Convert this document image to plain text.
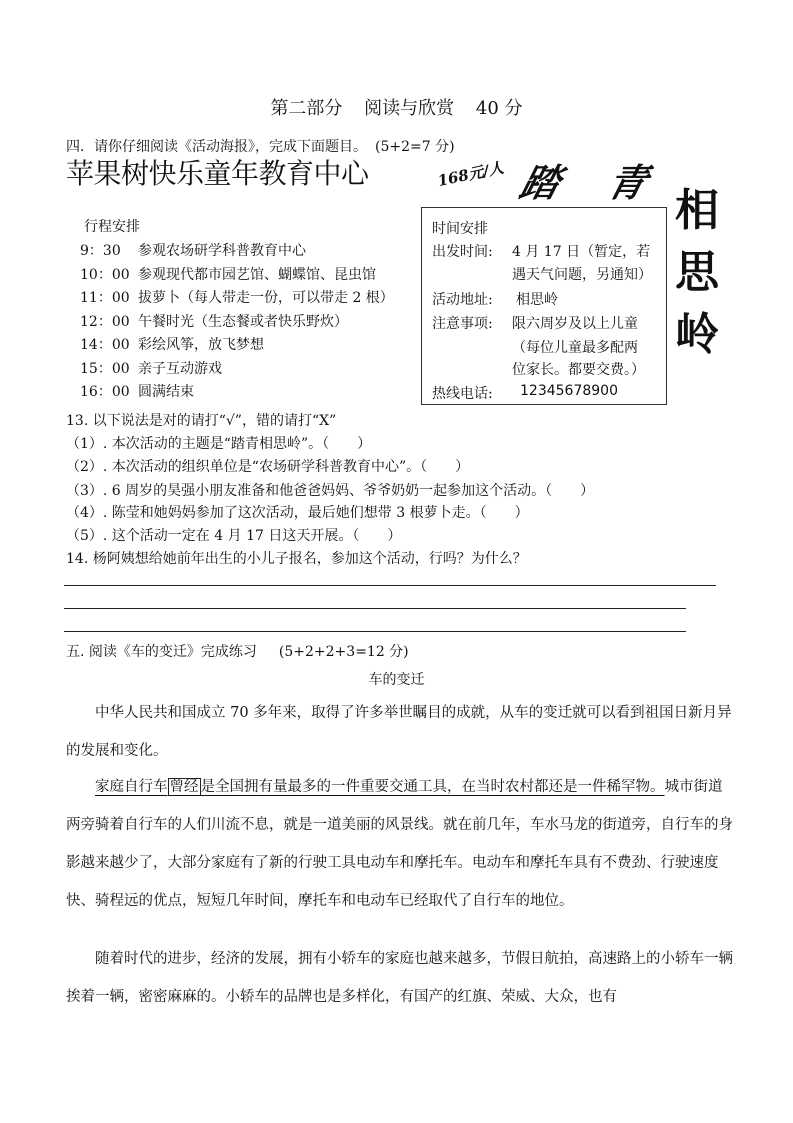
第二部分 阅读与欣赏 40 分
四．请你仔细阅读《活动海报》，完成下面题目。 (5+2=7 分)
苹果树快乐童年教育中心	168元/人 踏 青
相
思
岭
行程安排
9：30 参观农场研学科普教育中心
10：00 参观现代都市园艺馆、蝴蝶馆、昆虫馆
11：00 拔萝卜（每人带走一份，可以带走 2 根）
12：00 午餐时光（生态餐或者快乐野炊）
14：00 彩绘风筝，放飞梦想
15：00 亲子互动游戏
16：00 圆满结束
时间安排
出发时间: 4 月 17 日（暂定，若
遇天气问题，另通知）
活动地址: 相思岭
注意事项: 限六周岁及以上儿童
（每位儿童最多配两
位家长。都要交费。）
热线电话: 12345678900
13. 以下说法是对的请打“√”，错的请打“X”
（1）. 本次活动的主题是“踏青相思岭”。（　　）
（2）. 本次活动的组织单位是“农场研学科普教育中心”。（　　）
（3）. 6 周岁的昊强小朋友准备和他爸爸妈妈、爷爷奶奶一起参加这个活动。（　　）
（4）. 陈莹和她妈妈参加了这次活动，最后她们想带 3 根萝卜走。（　　）
（5）. 这个活动一定在 4 月 17 日这天开展。（　　）
14. 杨阿姨想给她前年出生的小儿子报名，参加这个活动，行吗？为什么？
五. 阅读《车的变迁》完成练习 (5+2+2+3=12 分)
车的变迁
中华人民共和国成立 70 多年来，取得了许多举世瞩目的成就，从车的变迁就可以看到祖国日新月异的发展和变化。
家庭自行车 曾经 是全国拥有量最多的一件重要交通工具，在当时农村都还是一件稀罕物。城市街道两旁骑着自行车的人们川流不息，就是一道美丽的风景线。就在前几年，车水马龙的街道旁，自行车的身影越来越少了，大部分家庭有了新的行驶工具电动车和摩托车。电动车和摩托车具有不费劲、行驶速度快、骑程远的优点，短短几年时间，摩托车和电动车已经取代了自行车的地位。
随着时代的进步，经济的发展，拥有小轿车的家庭也越来越多，节假日航拍，高速路上的小轿车一辆挨着一辆，密密麻麻的。小轿车的品牌也是多样化，有国产的红旗、荣威、大众，也有
